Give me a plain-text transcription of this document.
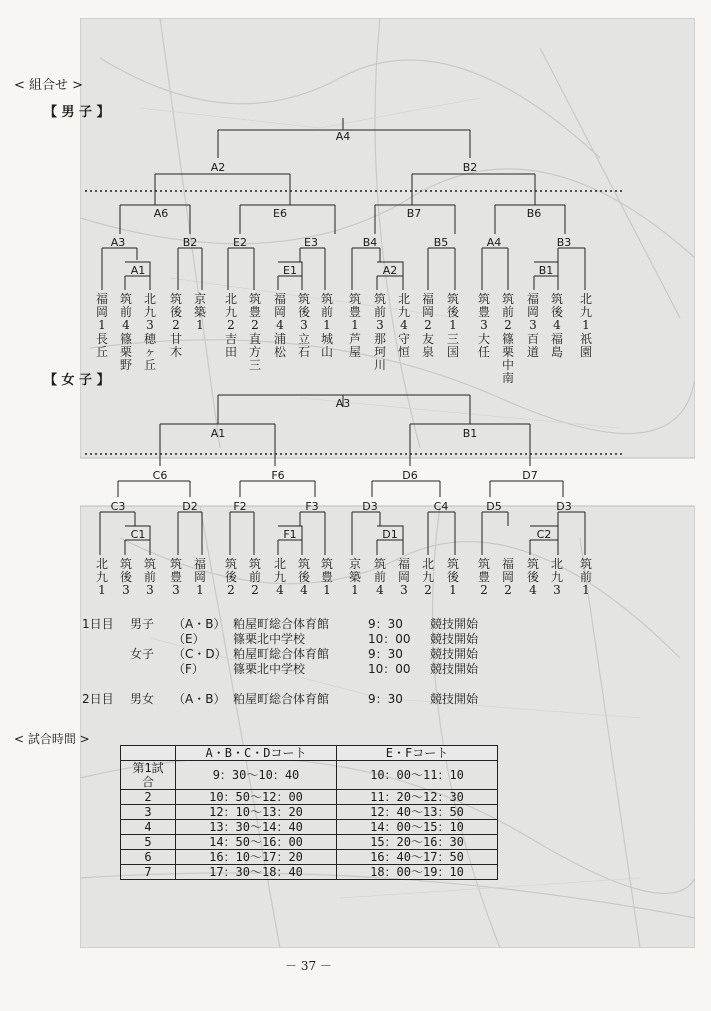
< 組合せ >
【 男 子 】
A4
A2	B2
A6	E6	B7	B6
A3	B2	E2	E3	B4	B5	A4	B3
A1	E1	A2	B1
福
岡
1
長
丘
筑
前
4
篠
栗
野
北
九
3
穂
ヶ
丘
筑
後
2
甘
木
京
築
1
北
九
2
吉
田
筑
豊
2
直
方
三
福
岡
4
浦
松
筑
後
3
立
石
筑
前
1
城
山
筑
豊
1
芦
屋
筑
前
3
那
珂
川
北
九
4
守
恒
福
岡
2
友
泉
筑
後
1
三
国
筑
豊
3
大
任
筑
前
2
篠
栗
中
南
福
岡
3
百
道
筑
後
4
福
島
北
九
1
祇
園
【 女 子 】
A3
A1	B1
C6	F6	D6	D7
C3	D2	F2	F3	D3	C4	D5	D3
C1	F1	D1	C2
北
九
1
筑
後
3
筑
前
3
筑
豊
3
福
岡
1
筑
後
2
筑
前
2
北
九
4
筑
後
4
筑
豊
1
京
築
1
筑
前
4
福
岡
3
北
九
2
筑
後
1
筑
豊
2
福
岡
2
筑
後
4
北
九
3
筑
前
1
1日目 男子 （A・B） 粕屋町総合体育館	9：30 競技開始
（E） 篠栗北中学校	10：00 競技開始
女子 （C・D） 粕屋町総合体育館	9：30 競技開始
（F） 篠栗北中学校	10：00 競技開始
2日目 男女 （A・B） 粕屋町総合体育館	9：30 競技開始
< 試合時間 >
	A・B・C・Dコート	E・Fコート
第1試合	9：30～10：40	10：00～11：10
2	10：50～12：00	11：20～12：30
3	12：10～13：20	12：40～13：50
4	13：30～14：40	14：00～15：10
5	14：50～16：00	15：20～16：30
6	16：10～17：20	16：40～17：50
7	17：30～18：40	18：00～19：10
－ 37 －
